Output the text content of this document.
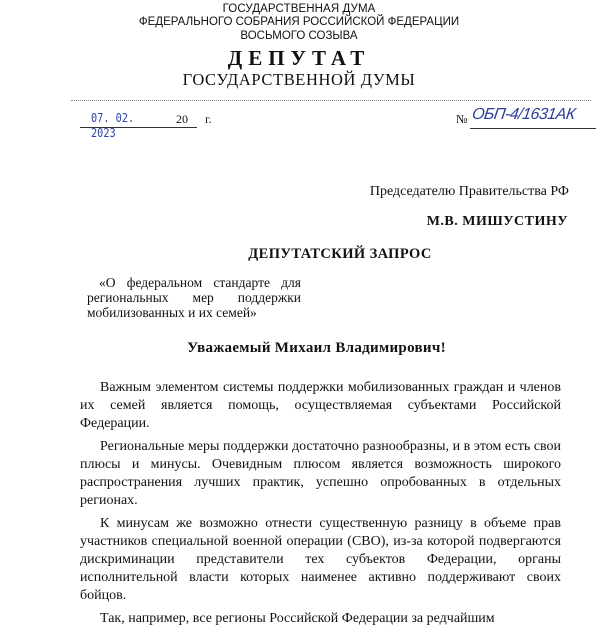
ГОСУДАРСТВЕННАЯ ДУМА
ФЕДЕРАЛЬНОГО СОБРАНИЯ РОССИЙСКОЙ ФЕДЕРАЦИИ
ВОСЬМОГО СОЗЫВА
ДЕПУТАТ
ГОСУДАРСТВЕННОЙ ДУМЫ
07. 02. 2023
20 г.	№ ОБП-4/1631АК
Председателю Правительства РФ
М.В. МИШУСТИНУ
ДЕПУТАТСКИЙ ЗАПРОС
«О федеральном стандарте для региональных мер поддержки мобилизованных и их семей»
Уважаемый Михаил Владимирович!

Важным элементом системы поддержки мобилизованных граждан и членов их семей является помощь, осуществляемая субъектами Российской Федерации.

Региональные меры поддержки достаточно разнообразны, и в этом есть свои плюсы и минусы. Очевидным плюсом является возможность широкого распространения лучших практик, успешно опробованных в отдельных регионах.

К минусам же возможно отнести существенную разницу в объеме прав участников специальной военной операции (СВО), из-за которой подвергаются дискриминации представители тех субъектов Федерации, органы исполнительной власти которых наименее активно поддерживают своих бойцов.

Так, например, все регионы Российской Федерации за редчайшим
